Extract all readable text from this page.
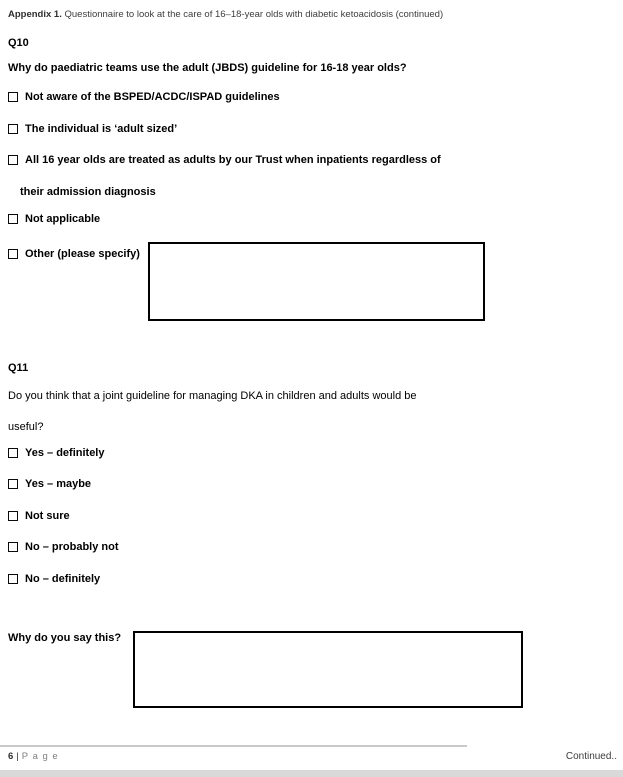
Appendix 1. Questionnaire to look at the care of 16–18-year olds with diabetic ketoacidosis (continued)
Q10
Why do paediatric teams use the adult (JBDS) guideline for 16-18 year olds?
Not aware of the BSPED/ACDC/ISPAD guidelines
The individual is ‘adult sized’
All 16 year olds are treated as adults by our Trust when inpatients regardless of
their admission diagnosis
Not applicable
Other (please specify)
Q11
Do you think that a joint guideline for managing DKA in children and adults would be
useful?
Yes – definitely
Yes – maybe
Not sure
No – probably not
No – definitely
Why do you say this?
6 | P a g e	Continued..
